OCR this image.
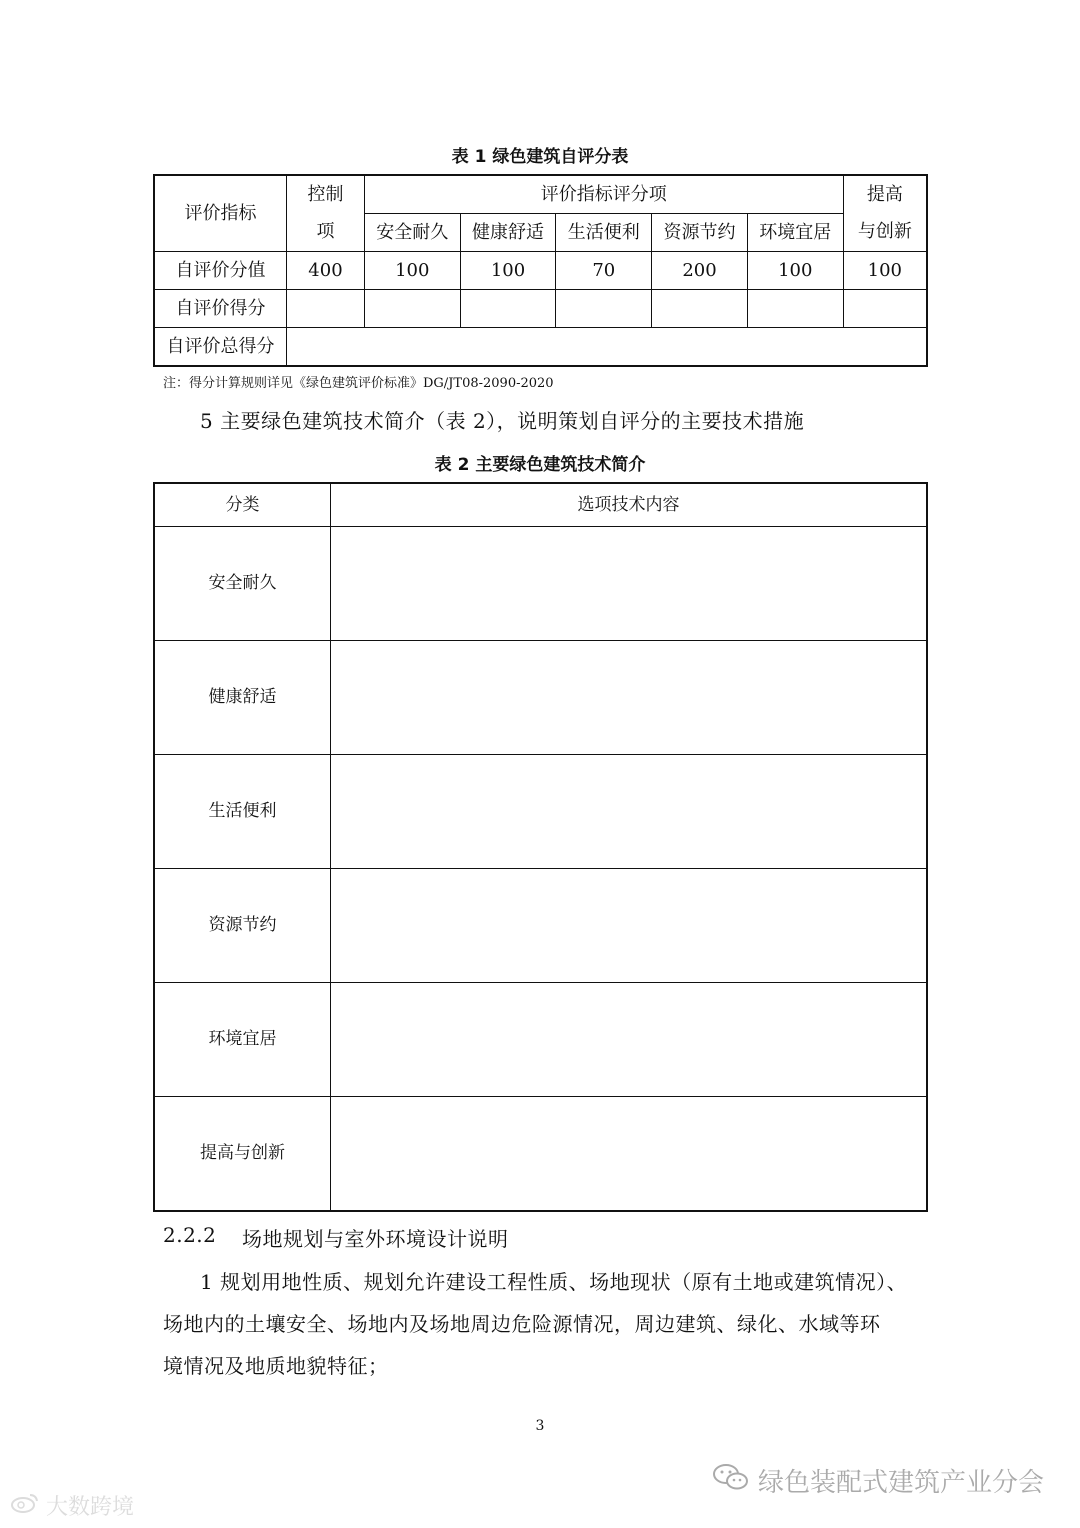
表 1 绿色建筑自评分表
评价指标	控制	评价指标评分项					提高
	项	安全耐久	健康舒适	生活便利	资源节约	环境宜居	与创新
自评价分值	400	100	100	70	200	100	100
自评价得分							
自评价总得分							
注：得分计算规则详见《绿色建筑评价标准》DG/JT08-2090-2020
5 主要绿色建筑技术简介（表 2），说明策划自评分的主要技术措施
表 2 主要绿色建筑技术简介
分类	选项技术内容
安全耐久	
健康舒适	
生活便利	
资源节约	
环境宜居	
提高与创新	
2.2.2 场地规划与室外环境设计说明
1 规划用地性质、规划允许建设工程性质、场地现状（原有土地或建筑情况）、
场地内的土壤安全、场地内及场地周边危险源情况，周边建筑、绿化、水域等环
境情况及地质地貌特征；
3
大数跨境
绿色装配式建筑产业分会
